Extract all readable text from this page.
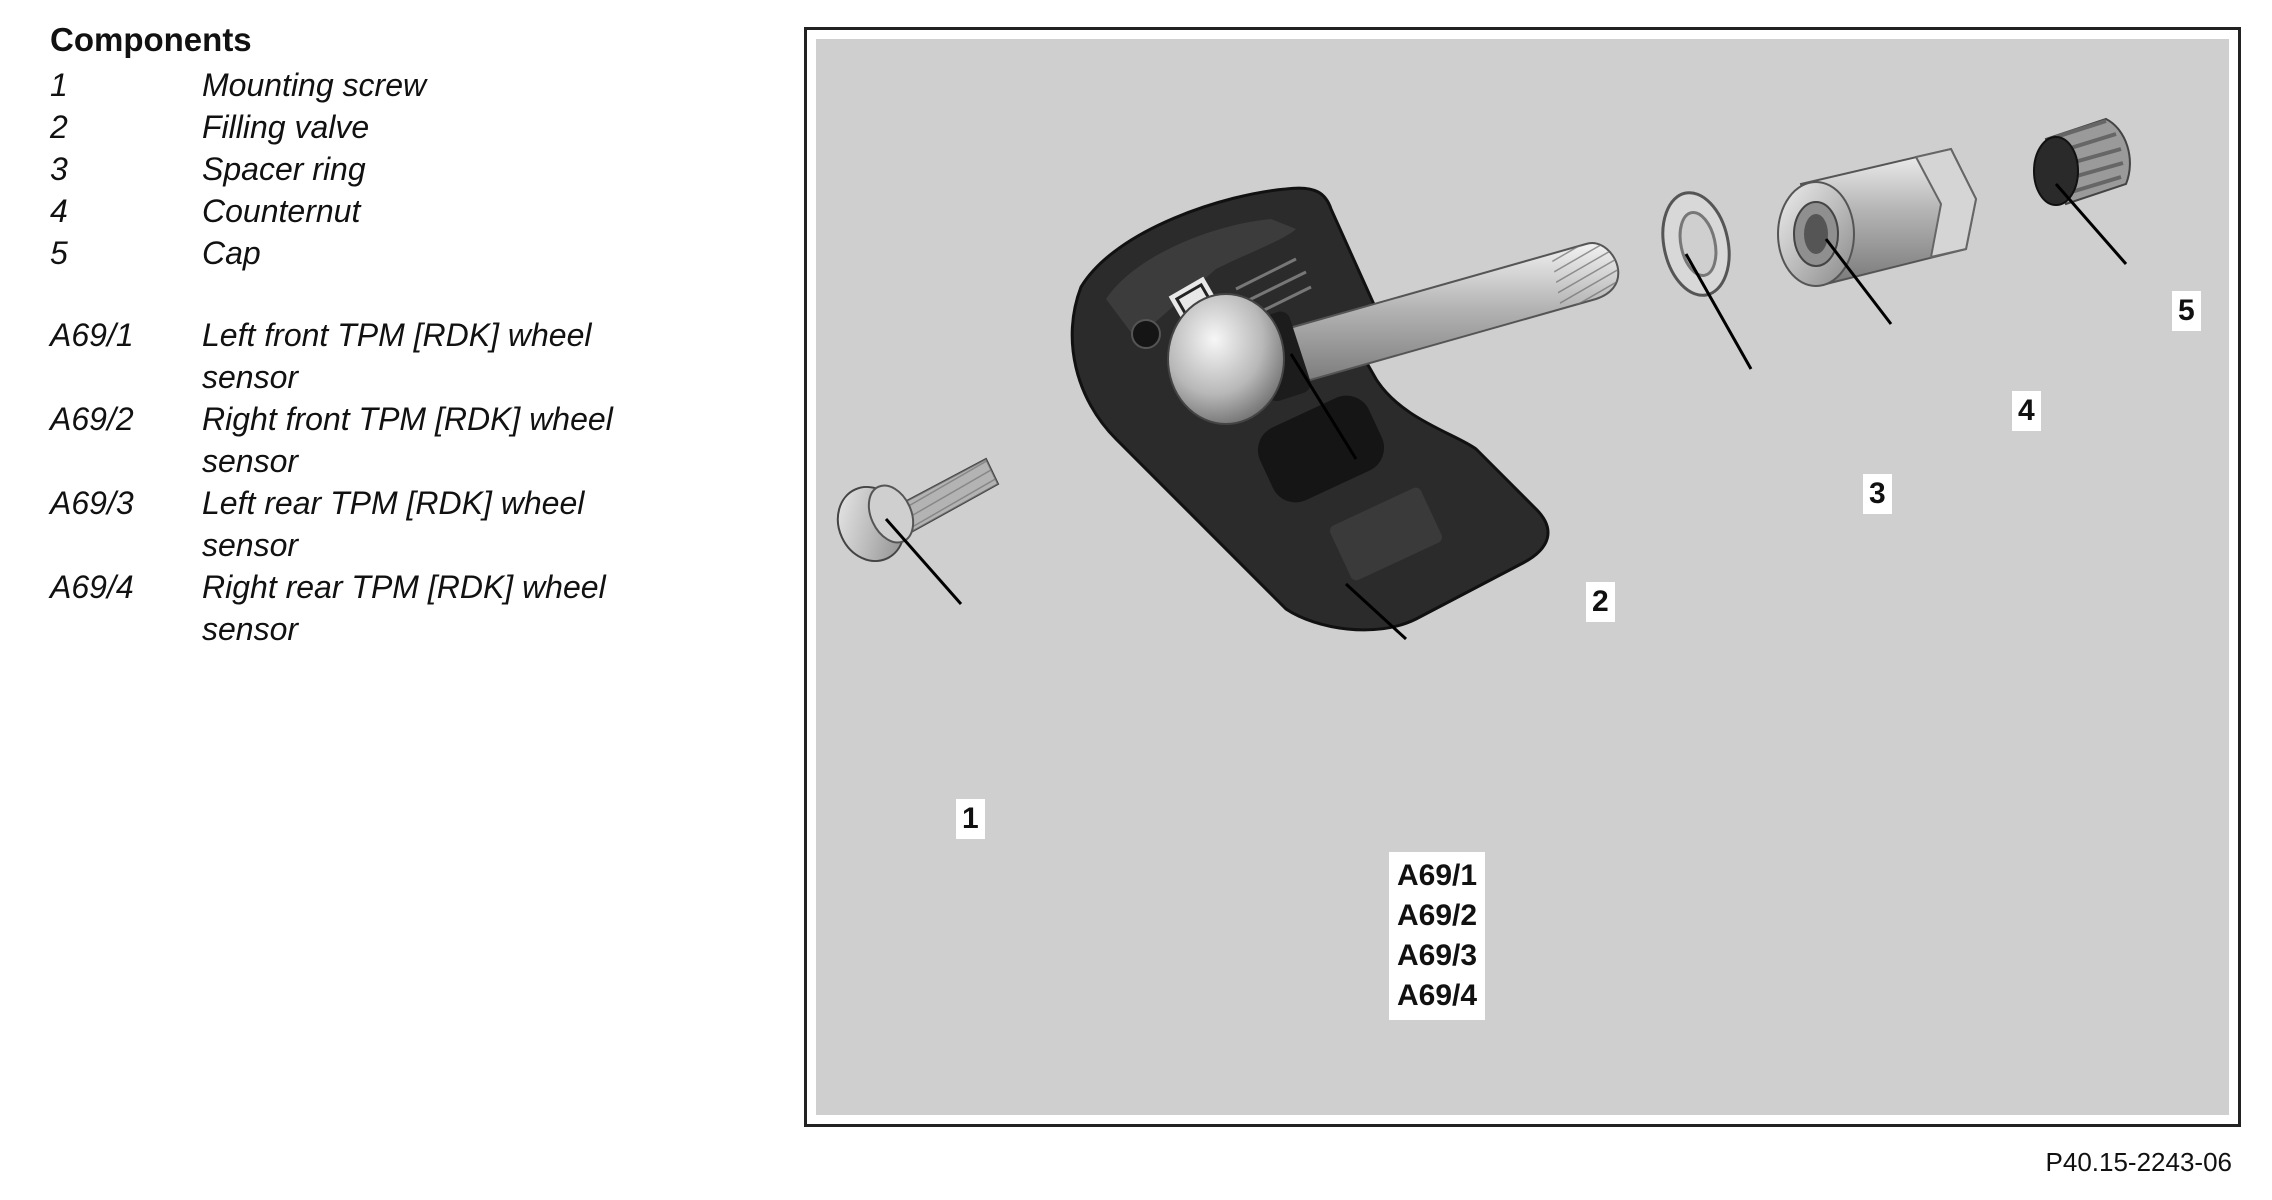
Components
1	Mounting screw
2	Filling valve
3	Spacer ring
4	Counternut
5	Cap
A69/1	Left front TPM [RDK] wheel sensor
A69/2	Right front TPM [RDK] wheel sensor
A69/3	Left rear TPM [RDK] wheel sensor
A69/4	Right rear TPM [RDK] wheel sensor
1
2
3
4
5
A69/1
A69/2
A69/3
A69/4
P40.15-2243-06
